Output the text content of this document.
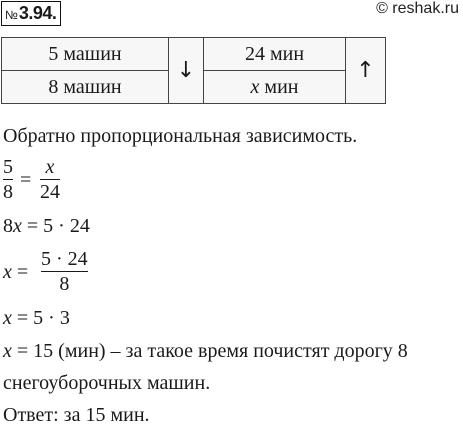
№ 3.94.	© reshak.ru
5 машин	↓	24 мин	↑
8 машин		x мин	
Обратно пропорциональная зависимость.
5
8
=
x
24
8x = 5 · 24
x =
5 · 24
8
x = 5 · 3
x = 15 (мин) – за такое время почистят дорогу 8
снегоуборочных машин.
Ответ: за 15 мин.
